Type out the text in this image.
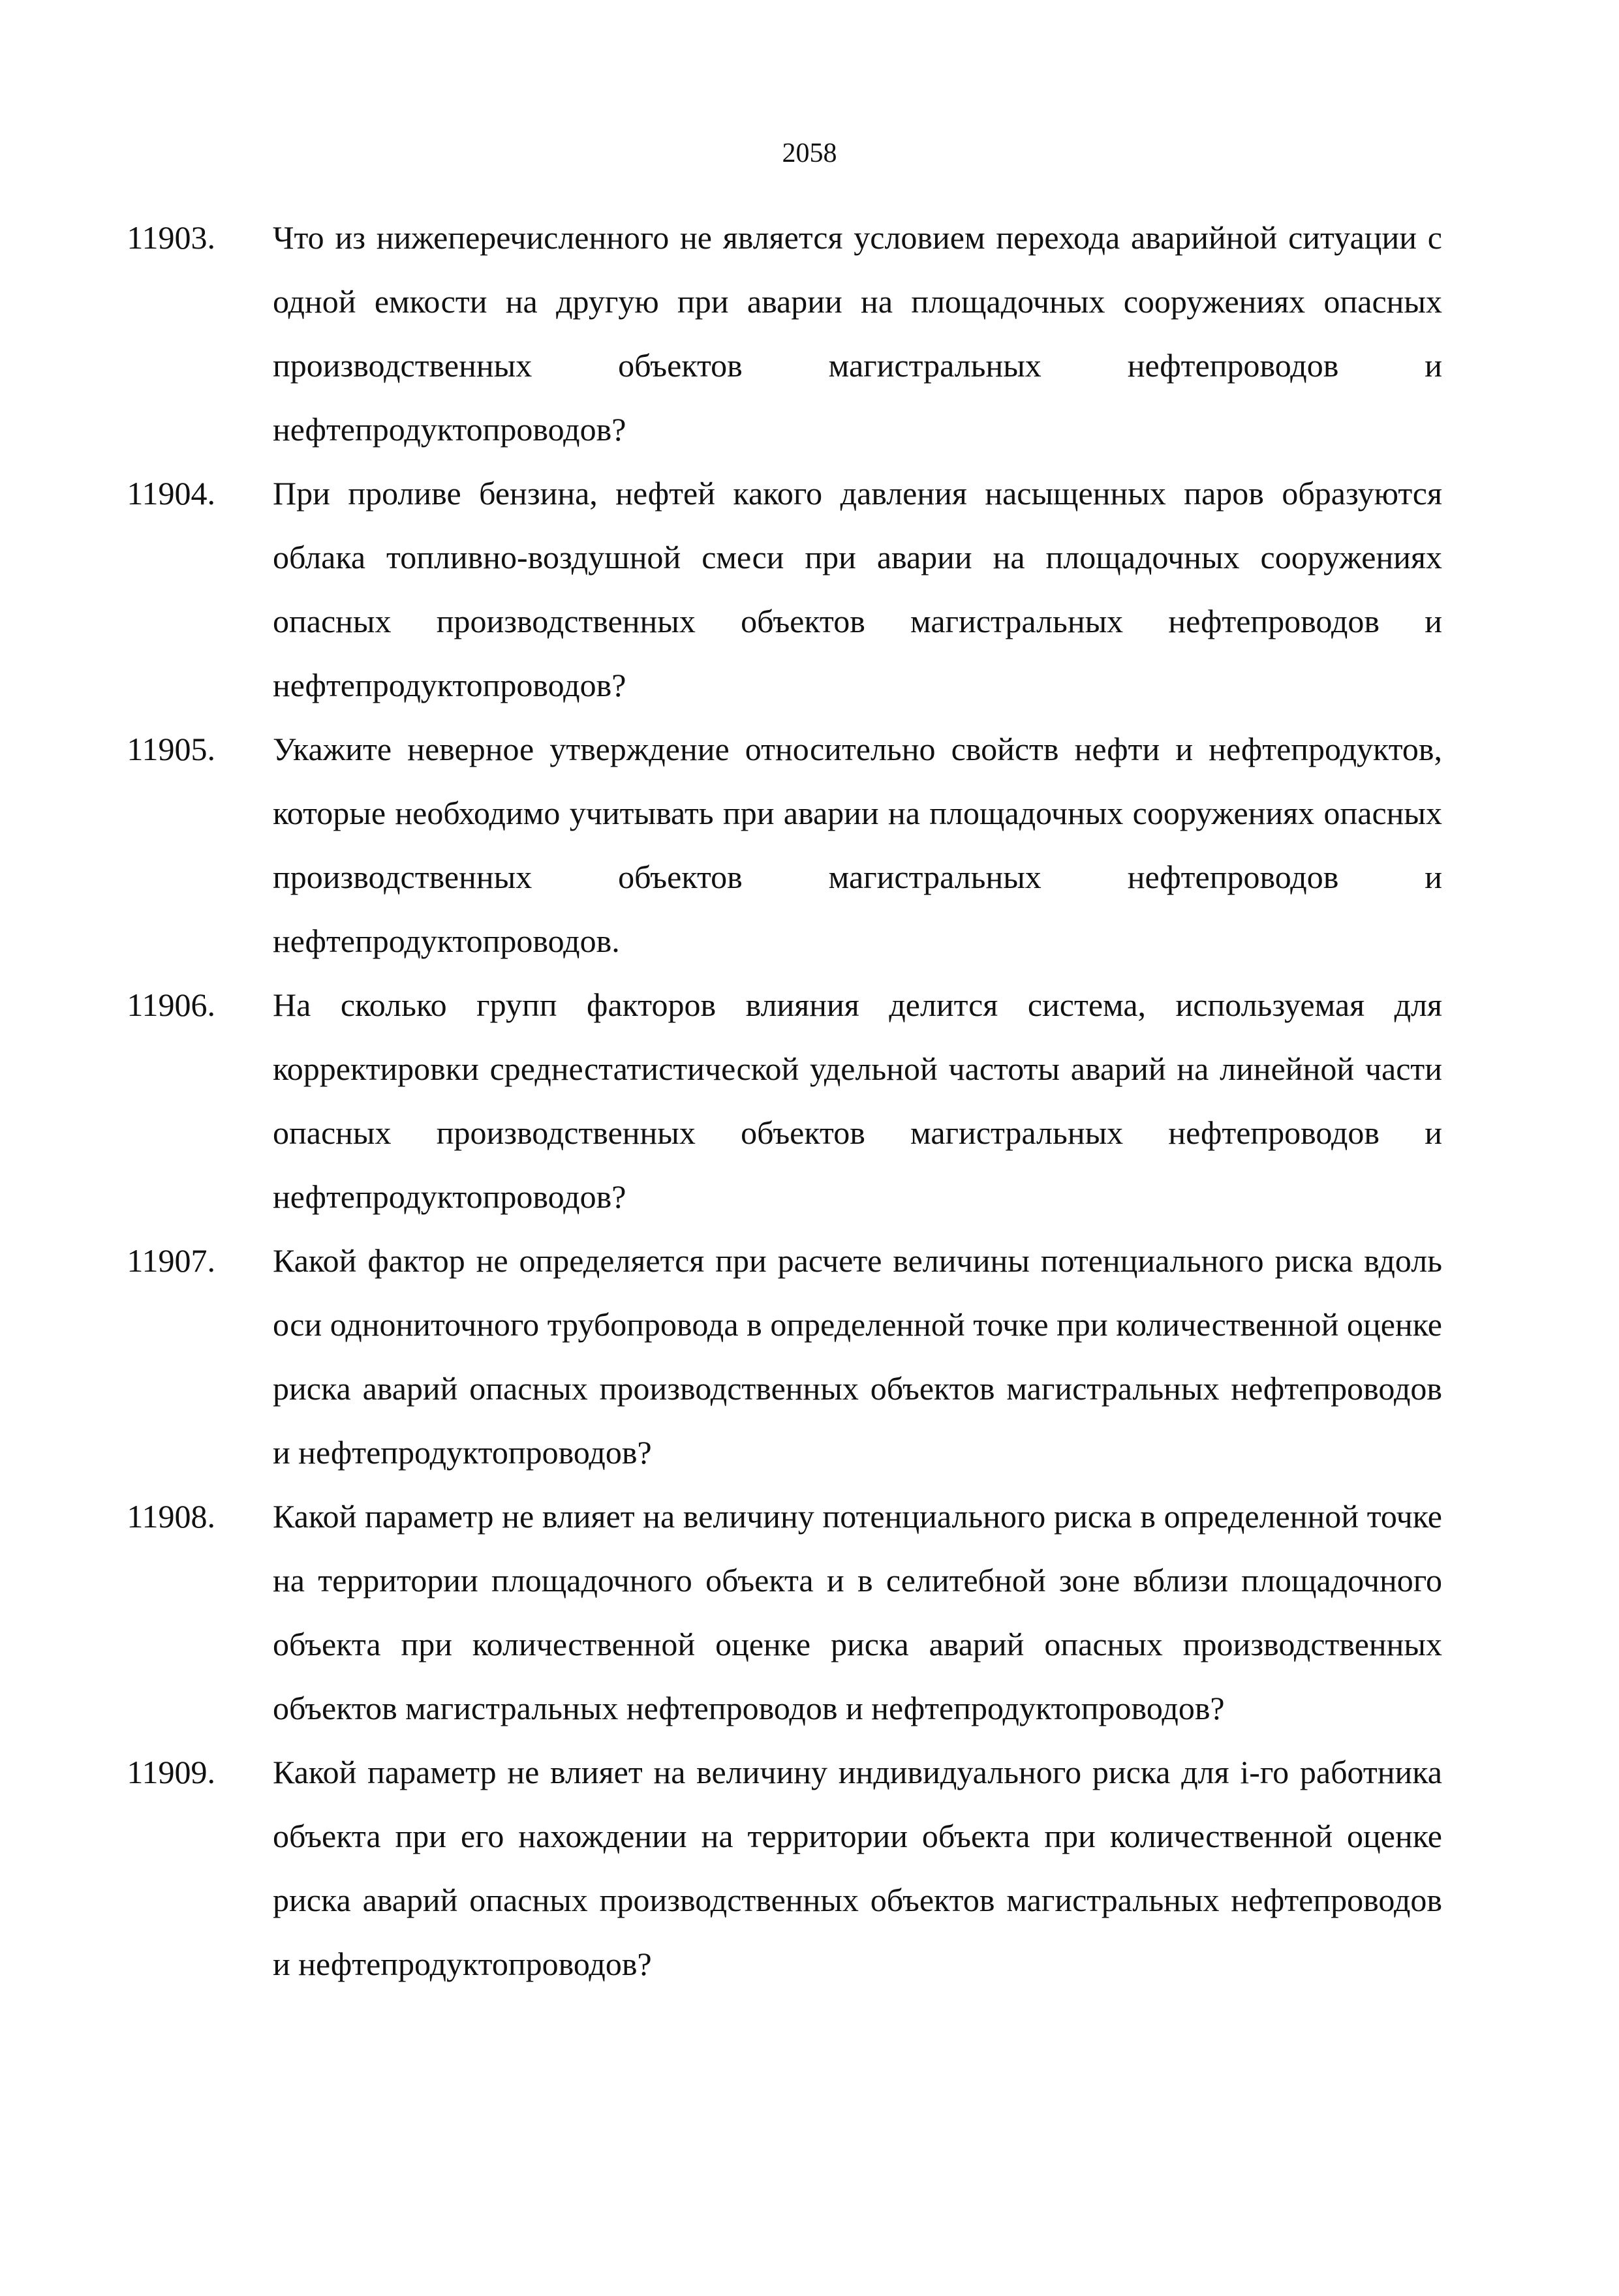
2058
11903. Что из нижеперечисленного не является условием перехода аварийной ситуации с одной емкости на другую при аварии на площадочных сооружениях опасных производственных объектов магистральных нефтепроводов и нефтепродуктопроводов?
11904. При проливе бензина, нефтей какого давления насыщенных паров образуются облака топливно-воздушной смеси при аварии на площадочных сооружениях опасных производственных объектов магистральных нефтепроводов и нефтепродуктопроводов?
11905. Укажите неверное утверждение относительно свойств нефти и нефтепродуктов, которые необходимо учитывать при аварии на площадочных сооружениях опасных производственных объектов магистральных нефтепроводов и нефтепродуктопроводов.
11906. На сколько групп факторов влияния делится система, используемая для корректировки среднестатистической удельной частоты аварий на линейной части опасных производственных объектов магистральных нефтепроводов и нефтепродуктопроводов?
11907. Какой фактор не определяется при расчете величины потенциального риска вдоль оси однониточного трубопровода в определенной точке при количественной оценке риска аварий опасных производственных объектов магистральных нефтепроводов и нефтепродуктопроводов?
11908. Какой параметр не влияет на величину потенциального риска в определенной точке на территории площадочного объекта и в селитебной зоне вблизи площадочного объекта при количественной оценке риска аварий опасных производственных объектов магистральных нефтепроводов и нефтепродуктопроводов?
11909. Какой параметр не влияет на величину индивидуального риска для i-го работника объекта при его нахождении на территории объекта при количественной оценке риска аварий опасных производственных объектов магистральных нефтепроводов и нефтепродуктопроводов?
